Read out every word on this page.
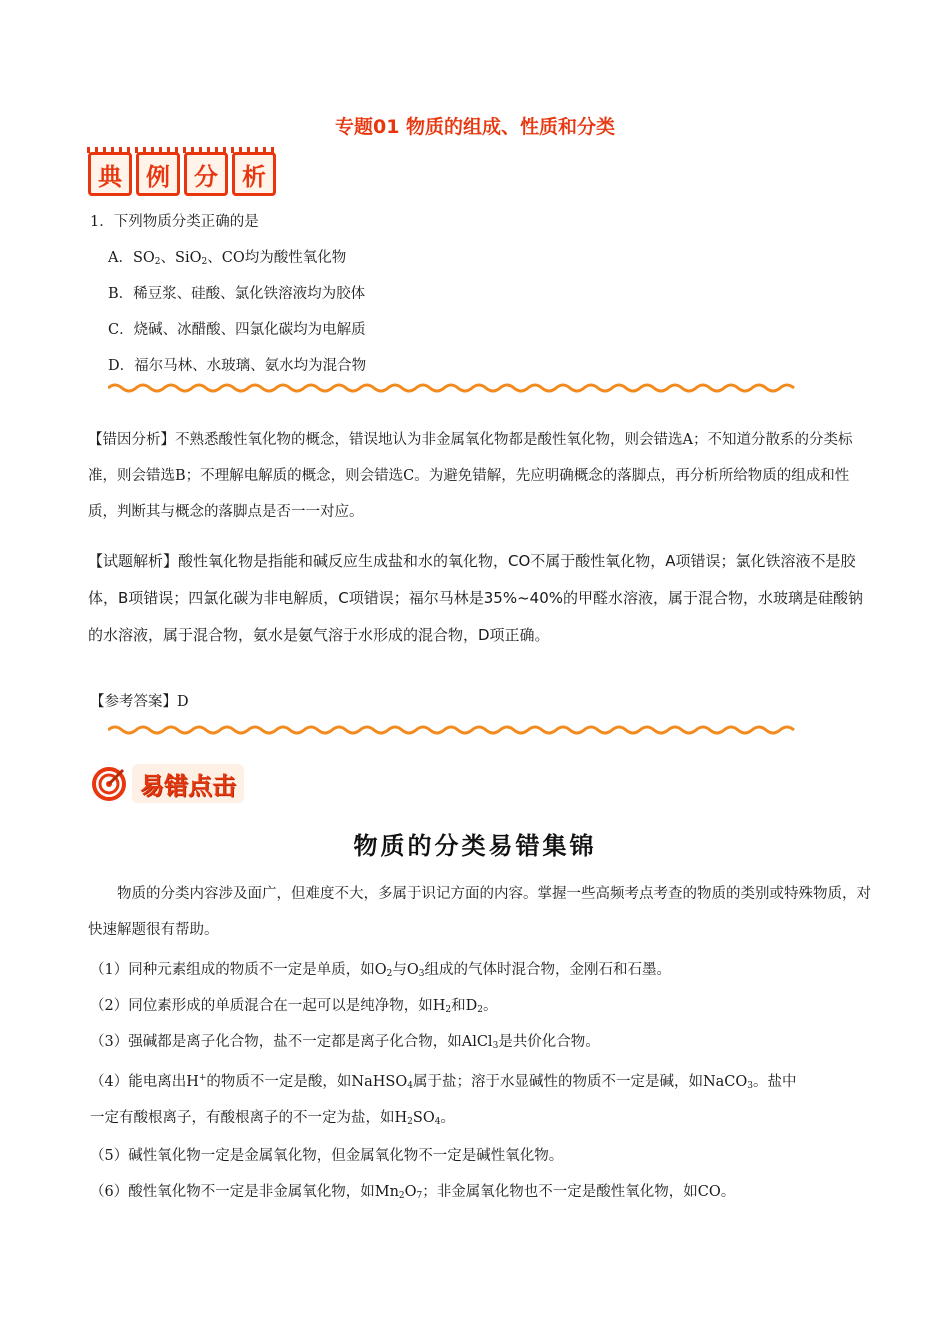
专题01 物质的组成、性质和分类
典	例	分	析
1．下列物质分类正确的是
A．$SO_2$、SiO$_2$、CO均为酸性氧化物
B．稀豆浆、硅酸、氯化铁溶液均为胶体
C．烧碱、冰醋酸、四氯化碳均为电解质
D．福尔马林、水玻璃、氨水均为混合物
【错因分析】不熟悉酸性氧化物的概念，错误地认为非金属氧化物都是酸性氧化物，则会错选A；不知道分散系的分类标准，则会错选B；不理解电解质的概念，则会错选C。为避免错解，先应明确概念的落脚点，再分析所给物质的组成和性质，判断其与概念的落脚点是否一一对应。
【试题解析】酸性氧化物是指能和碱反应生成盐和水的氧化物，CO不属于酸性氧化物，A项错误；氯化铁溶液不是胶体，B项错误；四氯化碳为非电解质，C项错误；福尔马林是35%~40%的甲醛水溶液，属于混合物，水玻璃是硅酸钠的水溶液，属于混合物，氨水是氨气溶于水形成的混合物，D项正确。
【参考答案】D
易错点击
物质的分类易错集锦
物质的分类内容涉及面广，但难度不大，多属于识记方面的内容。掌握一些高频考点考查的物质的类别或特殊物质，对快速解题很有帮助。
（1）同种元素组成的物质不一定是单质，如$O_2$与$O_3$组成的气体时混合物，金刚石和石墨。
（2）同位素形成的单质混合在一起可以是纯净物，如$H_2$和$D_2$。
（3）强碱都是离子化合物，盐不一定都是离子化合物，如AlCl$_3$是共价化合物。
（4）能电离出H+的物质不一定是酸，如NaHSO$_4$属于盐；溶于水显碱性的物质不一定是碱，如NaCO$_3$。盐中
一定有酸根离子，有酸根离子的不一定为盐，如$H_2SO_4$。
（5）碱性氧化物一定是金属氧化物，但金属氧化物不一定是碱性氧化物。
（6）酸性氧化物不一定是非金属氧化物，如$Mn_2O_7$；非金属氧化物也不一定是酸性氧化物，如CO。
